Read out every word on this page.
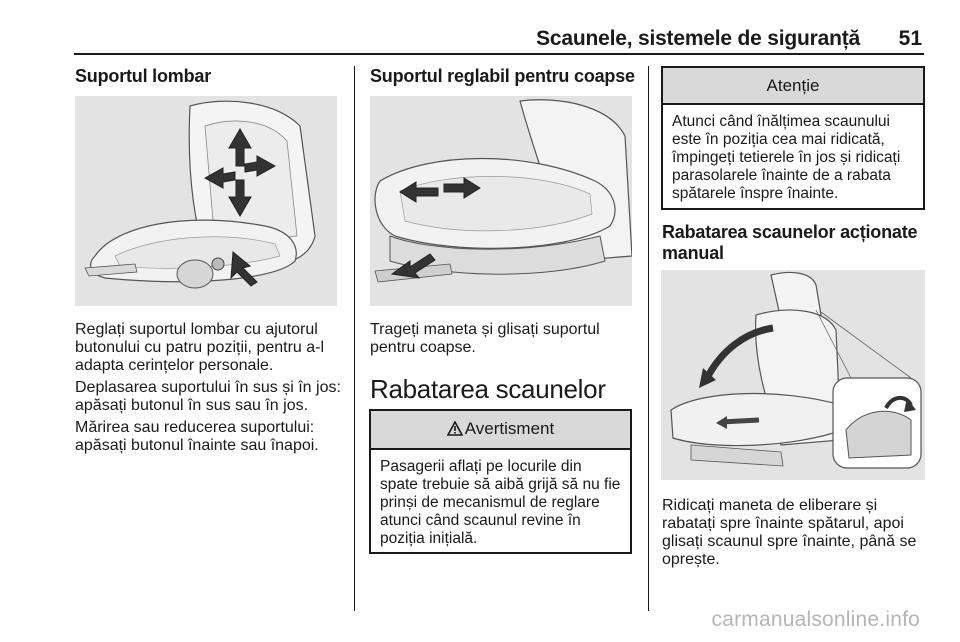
Scaunele, sistemele de siguranță 51
Suportul lombar

Reglați suportul lombar cu ajutorul butonului cu patru poziții, pentru a-l adapta cerințelor personale.

Deplasarea suportului în sus și în jos: apăsați butonul în sus sau în jos.

Mărirea sau reducerea suportului: apăsați butonul înainte sau înapoi.

Suportul reglabil pentru coapse

Trageți maneta și glisați suportul pentru coapse.

Rabatarea scaunelor
Avertisment
Pasagerii aflați pe locurile din spate trebuie să aibă grijă să nu fie prinși de mecanismul de reglare atunci când scaunul revine în poziția inițială.
Atenție
Atunci când înălțimea scaunului este în poziția cea mai ridicată, împingeți tetierele în jos și ridicați parasolarele înainte de a rabata spătarele înspre înainte.
Rabatarea scaunelor acționate manual

Ridicați maneta de eliberare și rabatați spre înainte spătarul, apoi glisați scaunul spre înainte, până se oprește.

carmanualsonline.info
